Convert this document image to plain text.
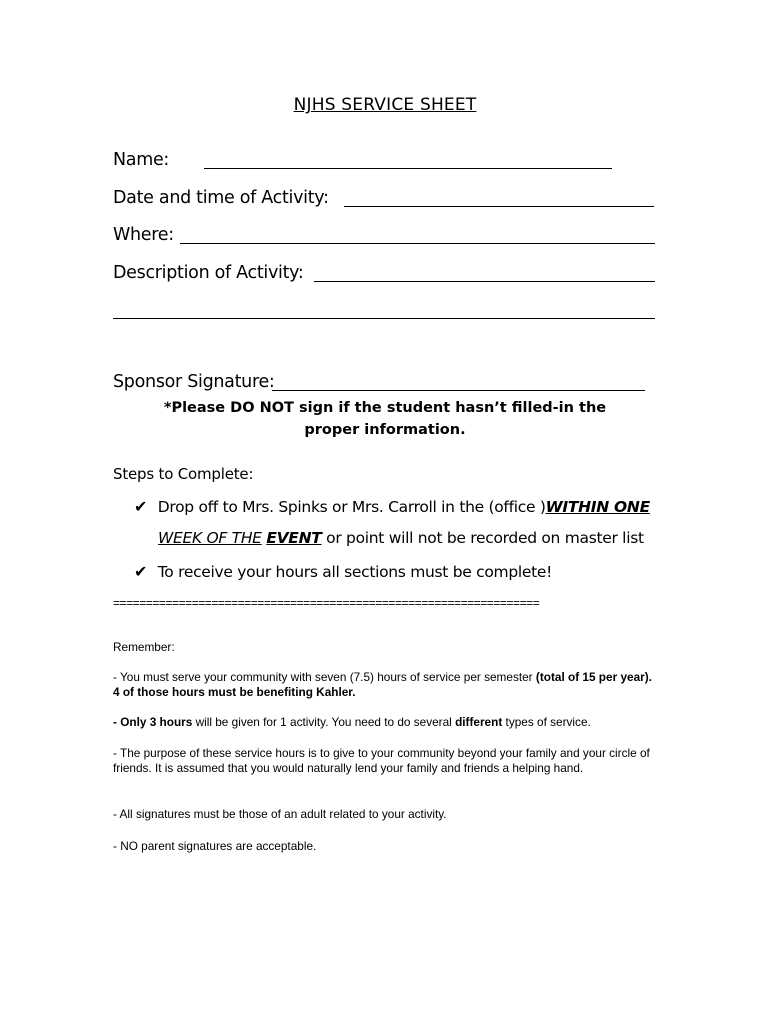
NJHS SERVICE SHEET
Name:
Date and time of Activity:
Where:
Description of Activity:
Sponsor Signature:
*Please DO NOT sign if the student hasn’t filled-in the proper information.
Steps to Complete:
✔ Drop off to Mrs. Spinks or Mrs. Carroll in the (office )WITHIN ONE
WEEK OF THE EVENT or point will not be recorded on master list
✔ To receive your hours all sections must be complete!
=================================================================
Remember:
- You must serve your community with seven (7.5) hours of service per semester (total of 15 per year). 4 of those hours must be benefiting Kahler.
- Only 3 hours will be given for 1 activity. You need to do several different types of service.
- The purpose of these service hours is to give to your community beyond your family and your circle of friends. It is assumed that you would naturally lend your family and friends a helping hand.
- All signatures must be those of an adult related to your activity.
- NO parent signatures are acceptable.
